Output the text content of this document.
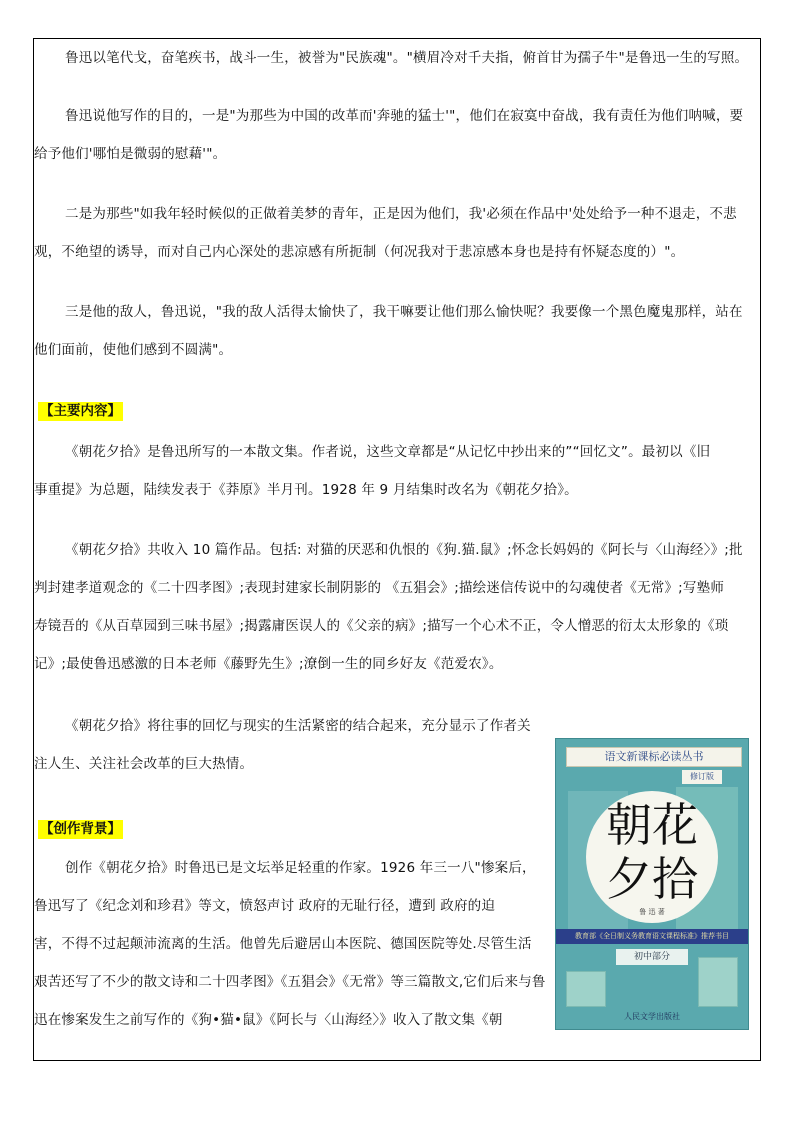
鲁迅以笔代戈，奋笔疾书，战斗一生，被誉为"民族魂"。"横眉冷对千夫指，俯首甘为孺子牛"是鲁迅一生的写照。
鲁迅说他写作的目的，一是"为那些为中国的改革而'奔驰的猛士'"，他们在寂寞中奋战，我有责任为他们呐喊，要
给予他们'哪怕是微弱的慰藉'"。
二是为那些"如我年轻时候似的正做着美梦的青年，正是因为他们，我'必须在作品中'处处给予一种不退走，不悲
观，不绝望的诱导，而对自己内心深处的悲凉感有所扼制（何况我对于悲凉感本身也是持有怀疑态度的）"。
三是他的敌人，鲁迅说，"我的敌人活得太愉快了，我干嘛要让他们那么愉快呢？我要像一个黑色魔鬼那样，站在
他们面前，使他们感到不圆满"。
【主要内容】
《朝花夕拾》是鲁迅所写的一本散文集。作者说，这些文章都是“从记忆中抄出来的”“回忆文”。最初以《旧
事重提》为总题，陆续发表于《莽原》半月刊。1928 年 9 月结集时改名为《朝花夕拾》。
《朝花夕拾》共收入 10 篇作品。包括: 对猫的厌恶和仇恨的《狗.猫.鼠》;怀念长妈妈的《阿长与〈山海经〉》;批
判封建孝道观念的《二十四孝图》;表现封建家长制阴影的 《五猖会》;描绘迷信传说中的勾魂使者《无常》;写塾师
寿镜吾的《从百草园到三味书屋》;揭露庸医误人的《父亲的病》;描写一个心术不正，令人憎恶的衍太太形象的《琐
记》;最使鲁迅感激的日本老师《藤野先生》;潦倒一生的同乡好友《范爱农》。
《朝花夕拾》将往事的回忆与现实的生活紧密的结合起来，充分显示了作者关
注人生、关注社会改革的巨大热情。
【创作背景】
创作《朝花夕拾》时鲁迅已是文坛举足轻重的作家。1926 年三一八"惨案后，
鲁迅写了《纪念刘和珍君》等文，愤怒声讨 政府的无耻行径，遭到 政府的迫
害，不得不过起颠沛流离的生活。他曾先后避居山本医院、德国医院等处.尽管生活
艰苦还写了不少的散文诗和二十四孝图》《五猖会》《无常》等三篇散文,它们后来与鲁
迅在惨案发生之前写作的《狗•猫•鼠》《阿长与〈山海经〉》收入了散文集《朝
语文新课标必读丛书
修订版
朝花
夕拾
鲁 迅 著
教育部《全日制义务教育语文课程标准》推荐书目
初中部分
人民文学出版社
